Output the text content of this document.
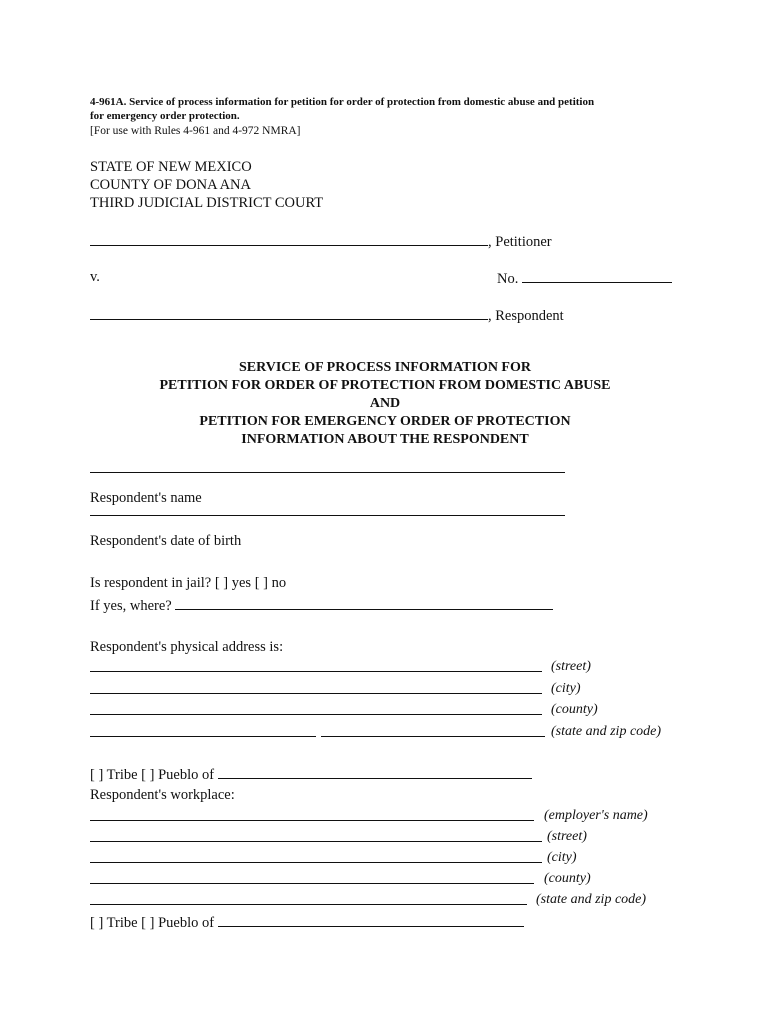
4-961A. Service of process information for petition for order of protection from domestic abuse and petition
for emergency order protection.
[For use with Rules 4-961 and 4-972 NMRA]
STATE OF NEW MEXICO
COUNTY OF DONA ANA
THIRD JUDICIAL DISTRICT COURT
, Petitioner
v.	No.
, Respondent
SERVICE OF PROCESS INFORMATION FOR
PETITION FOR ORDER OF PROTECTION FROM DOMESTIC ABUSE
AND
PETITION FOR EMERGENCY ORDER OF PROTECTION
INFORMATION ABOUT THE RESPONDENT
Respondent's name
Respondent's date of birth
Is respondent in jail? [ ] yes [ ] no
If yes, where?
Respondent's physical address is:
(street)
(city)
(county)
(state and zip code)
[ ] Tribe [ ] Pueblo of
Respondent's workplace:
(employer's name)
(street)
(city)
(county)
(state and zip code)
[ ] Tribe [ ] Pueblo of
